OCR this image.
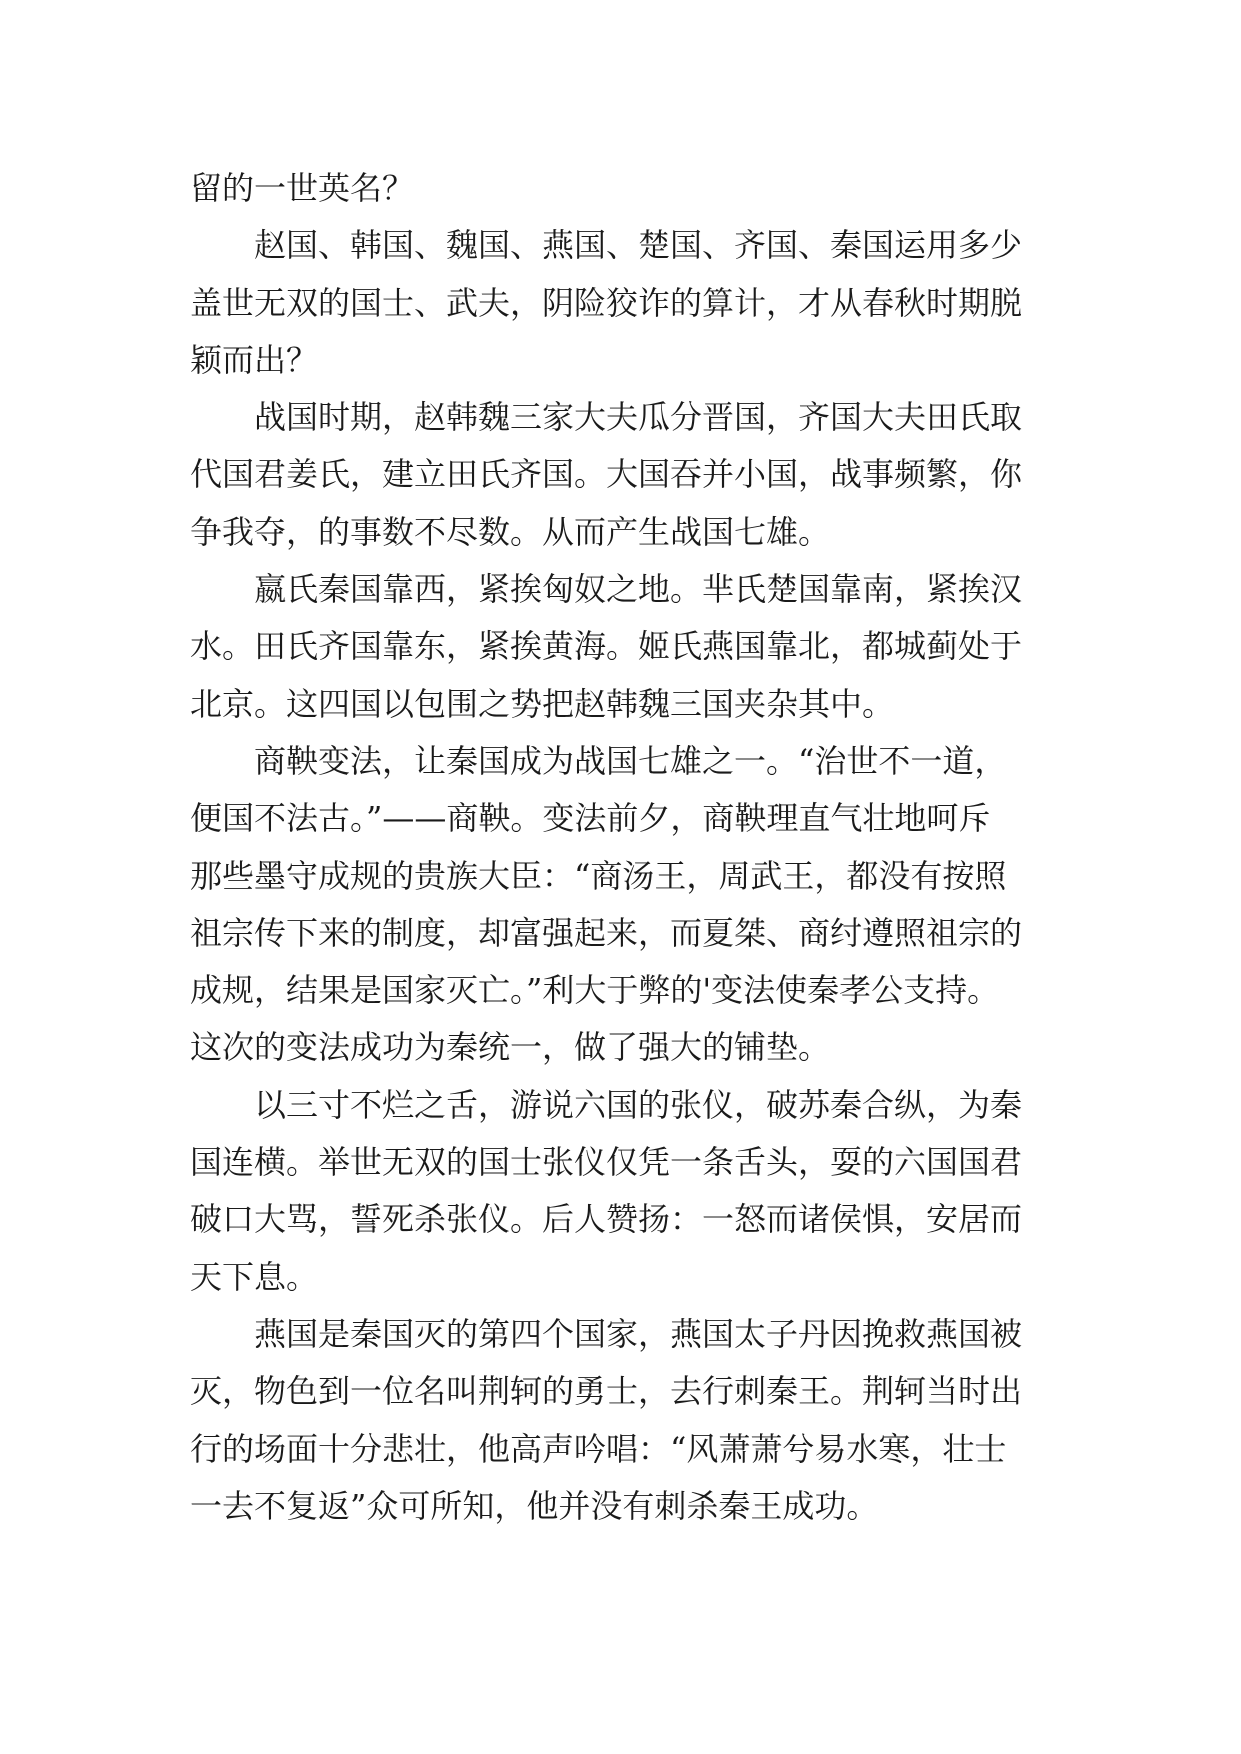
留的一世英名？
赵国、韩国、魏国、燕国、楚国、齐国、秦国运用多少
盖世无双的国士、武夫，阴险狡诈的算计，才从春秋时期脱
颖而出？
战国时期，赵韩魏三家大夫瓜分晋国，齐国大夫田氏取
代国君姜氏，建立田氏齐国。大国吞并小国，战事频繁，你
争我夺，的事数不尽数。从而产生战国七雄。
嬴氏秦国靠西，紧挨匈奴之地。芈氏楚国靠南，紧挨汉
水。田氏齐国靠东，紧挨黄海。姬氏燕国靠北，都城蓟处于
北京。这四国以包围之势把赵韩魏三国夹杂其中。
商鞅变法，让秦国成为战国七雄之一。“治世不一道，
便国不法古。”——商鞅。变法前夕，商鞅理直气壮地呵斥
那些墨守成规的贵族大臣：“商汤王，周武王，都没有按照
祖宗传下来的制度，却富强起来，而夏桀、商纣遵照祖宗的
成规，结果是国家灭亡。”利大于弊的'变法使秦孝公支持。
这次的变法成功为秦统一，做了强大的铺垫。
以三寸不烂之舌，游说六国的张仪，破苏秦合纵，为秦
国连横。举世无双的国士张仪仅凭一条舌头，耍的六国国君
破口大骂，誓死杀张仪。后人赞扬：一怒而诸侯惧，安居而
天下息。
燕国是秦国灭的第四个国家，燕国太子丹因挽救燕国被
灭，物色到一位名叫荆轲的勇士，去行刺秦王。荆轲当时出
行的场面十分悲壮，他高声吟唱：“风萧萧兮易水寒，壮士
一去不复返”众可所知，他并没有刺杀秦王成功。
